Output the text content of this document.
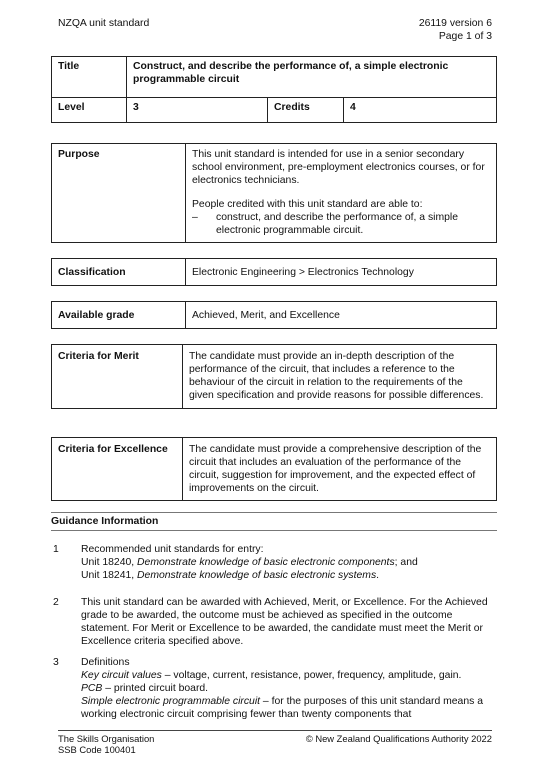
NZQA unit standard	26119 version 6
Page 1 of 3
Title	Construct, and describe the performance of, a simple electronic programmable circuit		
Level	3	Credits	4
Purpose	This unit standard is intended for use in a senior secondary school environment, pre-employment electronics courses, or for electronics technicians.

People credited with this unit standard are able to:

–	construct, and describe the performance of, a simple electronic programmable circuit.
Classification	Electronic Engineering > Electronics Technology
Available grade	Achieved, Merit, and Excellence
Criteria for Merit	The candidate must provide an in-depth description of the performance of the circuit, that includes a reference to the behaviour of the circuit in relation to the requirements of the given specification and provide reasons for possible differences.
Criteria for Excellence	The candidate must provide a comprehensive description of the circuit that includes an evaluation of the performance of the circuit, suggestion for improvement, and the expected effect of improvements on the circuit.
Guidance Information
1	Recommended unit standards for entry:

Unit 18240, Demonstrate knowledge of basic electronic components; and

Unit 18241, Demonstrate knowledge of basic electronic systems.

2	This unit standard can be awarded with Achieved, Merit, or Excellence. For the Achieved grade to be awarded, the outcome must be achieved as specified in the outcome statement. For Merit or Excellence to be awarded, the candidate must meet the Merit or Excellence criteria specified above.

3	Definitions

Key circuit values – voltage, current, resistance, power, frequency, amplitude, gain.

PCB – printed circuit board.

Simple electronic programmable circuit – for the purposes of this unit standard means a working electronic circuit comprising fewer than twenty components that

The Skills Organisation
SSB Code 100401
© New Zealand Qualifications Authority 2022
